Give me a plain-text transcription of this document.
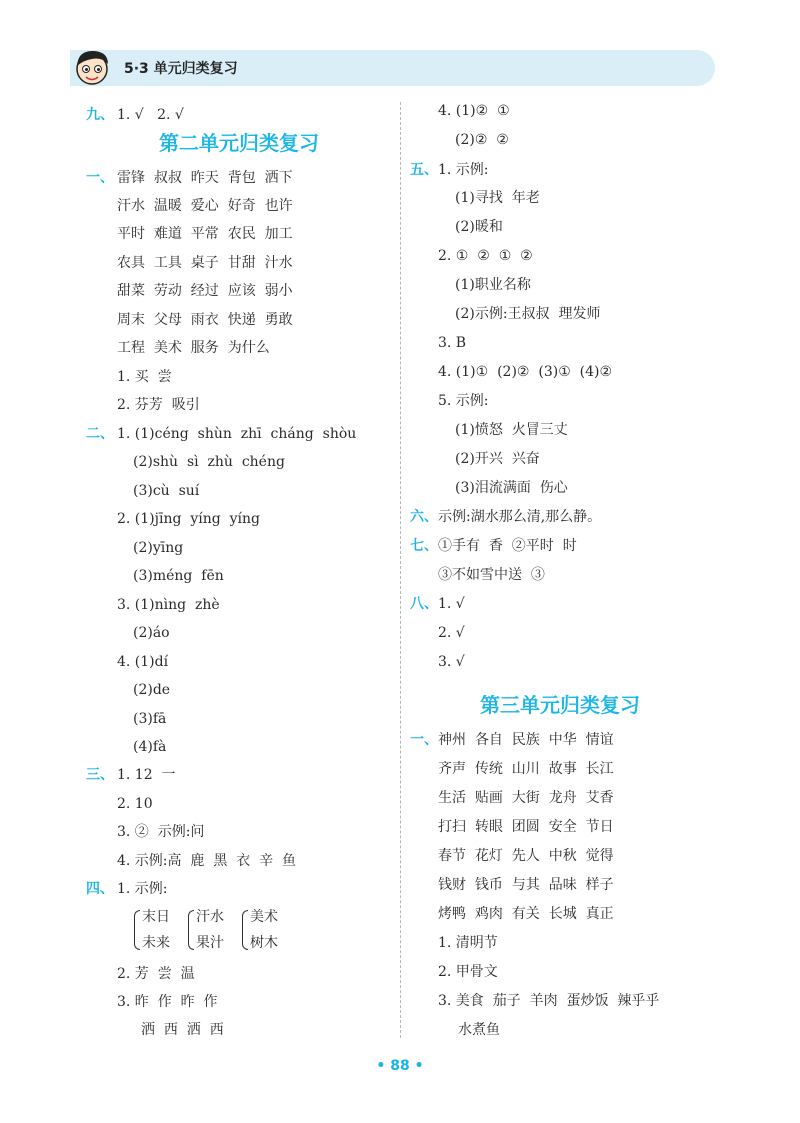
5·3 单元归类复习
九、 1. √   2. √
第二单元归类复习
一、 雷锋  叔叔  昨天  背包  洒下
汗水  温暖  爱心  好奇  也许
平时  难道  平常  农民  加工
农具  工具  桌子  甘甜  汁水
甜菜  劳动  经过  应该  弱小
周末  父母  雨衣  快递  勇敢
工程  美术  服务  为什么
1. 买  尝
2. 芬芳  吸引
二、 1. (1)céng  shùn  zhī  cháng  shòu
(2)shù  sì  zhù  chéng
(3)cù  suí
2. (1)jīng  yíng  yíng
(2)yīng
(3)méng  fēn
3. (1)nìng  zhè
(2)áo
4. (1)dí
(2)de
(3)fā
(4)fà
三、 1. 12  一
2. 10
3. ②  示例:问
4. 示例:高  鹿  黑  衣  辛  鱼
四、 1. 示例:
末日
未来
汗水
果汁
美术
树木
2. 芳  尝  温
3. 昨  作  昨  作
洒  西  洒  西
4. (1)②  ①
(2)②  ②
五、 1. 示例:
(1)寻找  年老
(2)暖和
2. ①  ②  ①  ②
(1)职业名称
(2)示例:王叔叔  理发师
3. B
4. (1)①  (2)②  (3)①  (4)②
5. 示例:
(1)愤怒  火冒三丈
(2)开兴  兴奋
(3)泪流满面  伤心
六、 示例:湖水那么清,那么静。
七、 ①手有  香  ②平时  时
③不如雪中送  ③
八、 1. √
2. √
3. √
第三单元归类复习
一、 神州  各自  民族  中华  情谊
齐声  传统  山川  故事  长江
生活  贴画  大街  龙舟  艾香
打扫  转眼  团圆  安全  节日
春节  花灯  先人  中秋  觉得
钱财  钱币  与其  品味  样子
烤鸭  鸡肉  有关  长城  真正
1. 清明节
2. 甲骨文
3. 美食  茄子  羊肉  蛋炒饭  辣乎乎
水煮鱼
• 88 •
